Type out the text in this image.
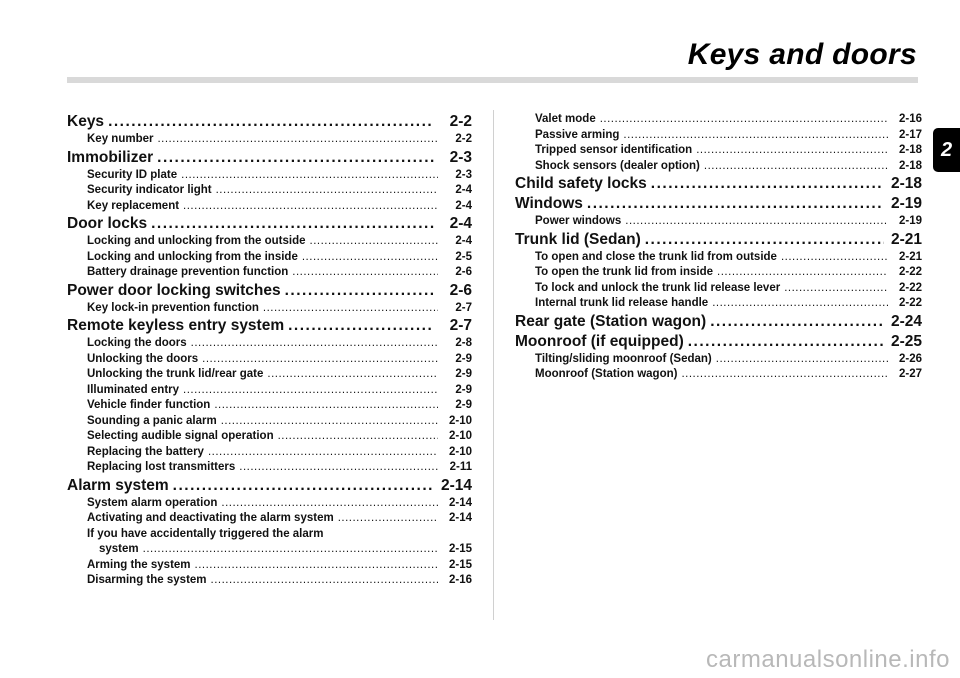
Keys and doors
Keys .....	2-2
Key number .....	2-2
Immobilizer .....	2-3
Security ID plate .....	2-3
Security indicator light .....	2-4
Key replacement .....	2-4
Door locks .....	2-4
Locking and unlocking from the outside .....	2-4
Locking and unlocking from the inside .....	2-5
Battery drainage prevention function .....	2-6
Power door locking switches .....	2-6
Key lock-in prevention function .....	2-7
Remote keyless entry system .....	2-7
Locking the doors .....	2-8
Unlocking the doors .....	2-9
Unlocking the trunk lid/rear gate .....	2-9
Illuminated entry .....	2-9
Vehicle finder function .....	2-9
Sounding a panic alarm .....	2-10
Selecting audible signal operation .....	2-10
Replacing the battery .....	2-10
Replacing lost transmitters .....	2-11
Alarm system .....	2-14
System alarm operation .....	2-14
Activating and deactivating the alarm system .....	2-14
If you have accidentally triggered the alarm
system .....	2-15
Arming the system .....	2-15
Disarming the system .....	2-16
Valet mode .....	2-16
Passive arming .....	2-17
Tripped sensor identification .....	2-18
Shock sensors (dealer option) .....	2-18
Child safety locks .....	2-18
Windows .....	2-19
Power windows .....	2-19
Trunk lid (Sedan) .....	2-21
To open and close the trunk lid from outside .....	2-21
To open the trunk lid from inside .....	2-22
To lock and unlock the trunk lid release lever .....	2-22
Internal trunk lid release handle .....	2-22
Rear gate (Station wagon) .....	2-24
Moonroof (if equipped) .....	2-25
Tilting/sliding moonroof (Sedan) .....	2-26
Moonroof (Station wagon) .....	2-27
2
carmanualsonline.info
